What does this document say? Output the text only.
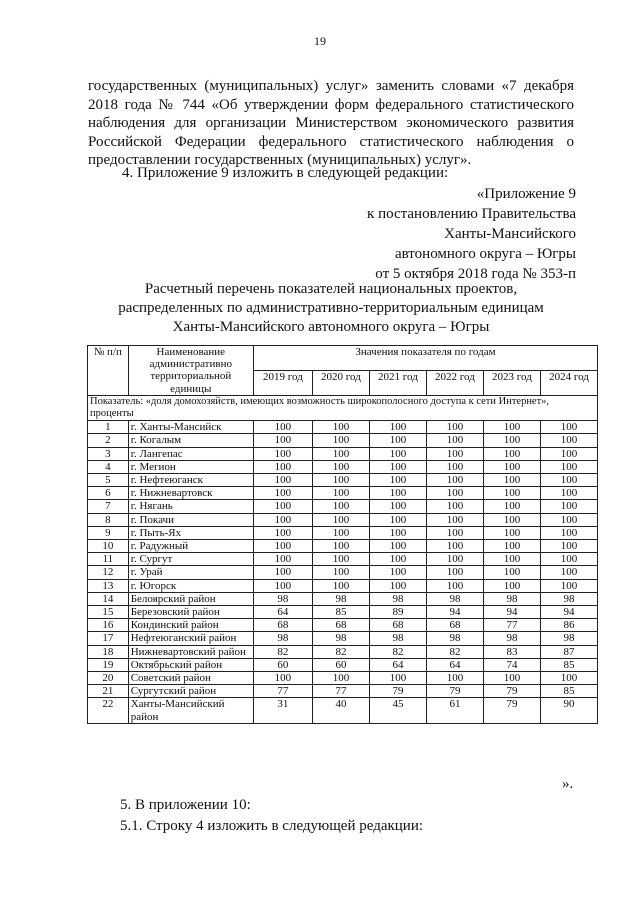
19
государственных (муниципальных) услуг» заменить словами «7 декабря 2018 года № 744 «Об утверждении форм федерального статистического наблюдения для организации Министерством экономического развития Российской Федерации федерального статистического наблюдения о предоставлении государственных (муниципальных) услуг».
4. Приложение 9 изложить в следующей редакции:
«Приложение 9
к постановлению Правительства
Ханты-Мансийского
автономного округа – Югры
от 5 октября 2018 года № 353-п
Расчетный перечень показателей национальных проектов,
распределенных по административно-территориальным единицам
Ханты-Мансийского автономного округа – Югры
№ п/п	Наименование административно территориальной единицы	Значения показателя по годам					
		2019 год	2020 год	2021 год	2022 год	2023 год	2024 год
Показатель: «доля домохозяйств, имеющих возможность широкополосного доступа к сети Интернет», проценты							
1	г. Ханты-Мансийск	100	100	100	100	100	100
2	г. Когалым	100	100	100	100	100	100
3	г. Лангепас	100	100	100	100	100	100
4	г. Мегион	100	100	100	100	100	100
5	г. Нефтеюганск	100	100	100	100	100	100
6	г. Нижневартовск	100	100	100	100	100	100
7	г. Нягань	100	100	100	100	100	100
8	г. Покачи	100	100	100	100	100	100
9	г. Пыть-Ях	100	100	100	100	100	100
10	г. Радужный	100	100	100	100	100	100
11	г. Сургут	100	100	100	100	100	100
12	г. Урай	100	100	100	100	100	100
13	г. Югорск	100	100	100	100	100	100
14	Белоярский район	98	98	98	98	98	98
15	Березовский район	64	85	89	94	94	94
16	Кондинский район	68	68	68	68	77	86
17	Нефтеюганский район	98	98	98	98	98	98
18	Нижневартовский район	82	82	82	82	83	87
19	Октябрьский район	60	60	64	64	74	85
20	Советский район	100	100	100	100	100	100
21	Сургутский район	77	77	79	79	79	85
22	Ханты-Мансийский район	31	40	45	61	79	90
».
5. В приложении 10:
5.1. Строку 4 изложить в следующей редакции:
